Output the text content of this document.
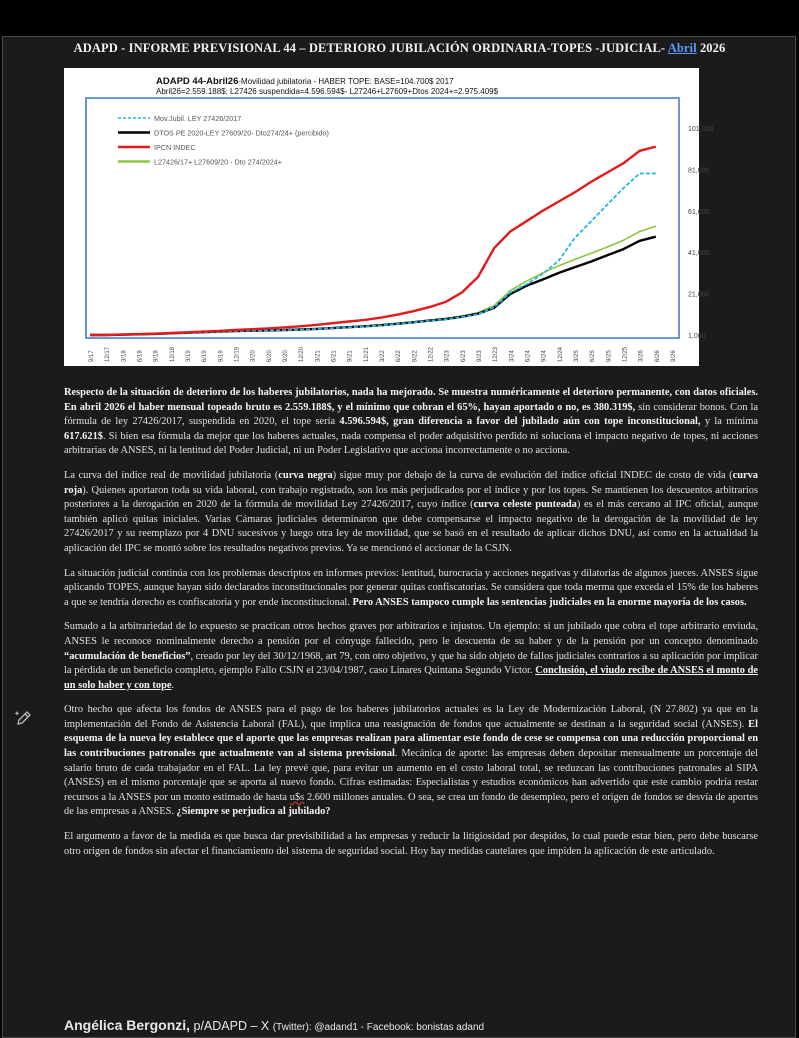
ADAPD - INFORME PREVISIONAL 44 – DETERIORO JUBILACIÓN ORDINARIA-TOPES -JUDICIAL- Abril 2026
ADAPD 44-Abril26-Movilidad jubilatoria - HABER TOPE: BASE=104.700$ 2017
Abril26=2.559.188$; L27426 suspendida=4.596.594$- L27246+L27609+Dtos 2024+=2.975.409$
Mov.Jubil. LEY 27426/2017
DTOS PE 2020-LEY 27609/20- Dto274/24+ (percibido)
IPCN INDEC
L27426/17+ L27609/20 - Dto 274/2024+
1,000
21,000
41,000
61,000
81,000
101,000
9/17 12/17 3/18 6/18 9/18 12/18 3/19 6/19 9/19 12/19 3/20 6/20 9/20 12/20 3/21 6/21 9/21 12/21 3/22 6/22 9/22 12/22 3/23 6/23 9/23 12/23 3/24 6/24 9/24 12/24 3/25 6/25 9/25 12/25 3/26 6/26 9/26

Respecto de la situación de deterioro de los haberes jubilatorios, nada ha mejorado. Se muestra numéricamente el deterioro permanente, con datos oficiales. En abril 2026 el haber mensual topeado bruto es 2.559.188$, y el mínimo que cobran el 65%, hayan aportado o no, es 380.319$, sin considerar bonos. Con la fórmula de ley 27426/2017, suspendida en 2020, el tope sería 4.596.594$, gran diferencia a favor del jubilado aún con tope inconstitucional, y la mínima 617.621$. Si bien esa fórmula da mejor que los haberes actuales, nada compensa el poder adquisitivo perdido ni soluciona el impacto negativo de topes, ni acciones arbitrarias de ANSES, ni la lentitud del Poder Judicial, ni un Poder Legislativo que acciona incorrectamente o no acciona.

La curva del índice real de movilidad jubilatoria (curva negra) sigue muy por debajo de la curva de evolución del índice oficial INDEC de costo de vida (curva roja). Quienes aportaron toda su vida laboral, con trabajo registrado, son los más perjudicados por el índice y por los topes. Se mantienen los descuentos arbitrarios posteriores a la derogación en 2020 de la fórmula de movilidad Ley 27426/2017, cuyo índice (curva celeste punteada) es el más cercano al IPC oficial, aunque también aplicó quitas iniciales. Varias Cámaras judiciales determinaron que debe compensarse el impacto negativo de la derogación de la movilidad de ley 27426/2017 y su reemplazo por 4 DNU sucesivos y luego otra ley de movilidad, que se basó en el resultado de aplicar dichos DNU, así como en la actualidad la aplicación del IPC se montó sobre los resultados negativos previos. Ya se mencionó el accionar de la CSJN.

La situación judicial continúa con los problemas descriptos en informes previos: lentitud, burocracia y acciones negativas y dilatorias de algunos jueces. ANSES sigue aplicando TOPES, aunque hayan sido declarados inconstitucionales por generar quitas confiscatorias. Se considera que toda merma que exceda el 15% de los haberes a que se tendría derecho es confiscatoria y por ende inconstitucional. Pero ANSES tampoco cumple las sentencias judiciales en la enorme mayoría de los casos.

Sumado a la arbitrariedad de lo expuesto se practican otros hechos graves por arbitrarios e injustos. Un ejemplo: si un jubilado que cobra el tope arbitrario enviuda, ANSES le reconoce nominalmente derecho a pensión por el cónyuge fallecido, pero le descuenta de su haber y de la pensión por un concepto denominado “acumulación de beneficios”, creado por ley del 30/12/1968, art 79, con otro objetivo, y que ha sido objeto de fallos judiciales contrarios a su aplicación por implicar la pérdida de un beneficio completo, ejemplo Fallo CSJN el 23/04/1987, caso Linares Quintana Segundo Víctor. Conclusión, el viudo recibe de ANSES el monto de un solo haber y con tope.

Otro hecho que afecta los fondos de ANSES para el pago de los haberes jubilatorios actuales es la Ley de Modernización Laboral, (N 27.802) ya que en la implementación del Fondo de Asistencia Laboral (FAL), que implica una reasignación de fondos que actualmente se destinan a la seguridad social (ANSES). El esquema de la nueva ley establece que el aporte que las empresas realizan para alimentar este fondo de cese se compensa con una reducción proporcional en las contribuciones patronales que actualmente van al sistema previsional. Mecánica de aporte: las empresas deben depositar mensualmente un porcentaje del salario bruto de cada trabajador en el FAL. La ley prevé que, para evitar un aumento en el costo laboral total, se reduzcan las contribuciones patronales al SIPA (ANSES) en el mismo porcentaje que se aporta al nuevo fondo. Cifras estimadas: Especialistas y estudios económicos han advertido que este cambio podría restar recursos a la ANSES por un monto estimado de hasta u$s 2.600 millones anuales. O sea, se crea un fondo de desempleo, pero el origen de fondos se desvía de aportes de las empresas a ANSES. ¿Siempre se perjudica al jubilado?

El argumento a favor de la medida es que busca dar previsibilidad a las empresas y reducir la litigiosidad por despidos, lo cual puede estar bien, pero debe buscarse otro origen de fondos sin afectar el financiamiento del sistema de seguridad social. Hoy hay medidas cautelares que impiden la aplicación de este articulado.

Angélica Bergonzi, p/ADAPD – X (Twitter): @adand1 - Facebook: bonistas adand
